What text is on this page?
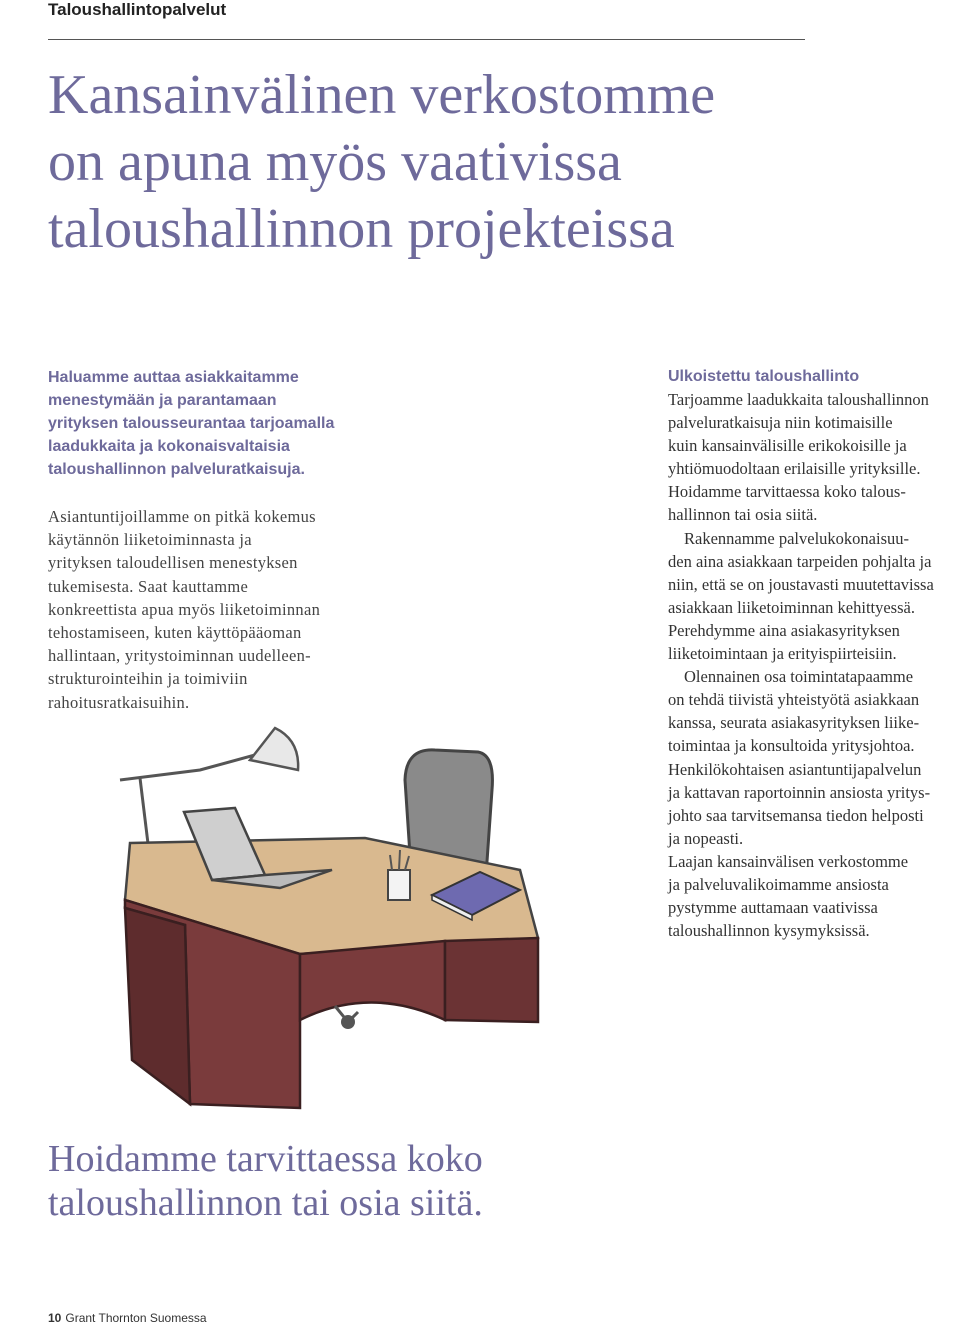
Taloushallintopalvelut

Kansainvälinen verkostomme
on apuna myös vaativissa
taloushallinnon projekteissa

Haluamme auttaa asiakkaitamme
menestymään ja parantamaan
yrityksen talousseurantaa tarjoamalla
laadukkaita ja kokonaisvaltaisia
taloushallinnon palveluratkaisuja.

Asiantuntijoillamme on pitkä kokemus
käytännön liiketoiminnasta ja
yrityksen taloudellisen menestyksen
tukemisesta. Saat kauttamme
konkreettista apua myös liiketoiminnan
tehostamiseen, kuten käyttöpääoman
hallintaan, yritystoiminnan uudelleen-
strukturointeihin ja toimiviin
rahoitusratkaisuihin.

Ulkoistettu taloushallinto

Tarjoamme laadukkaita taloushallinnon
palveluratkaisuja niin kotimaisille
kuin kansainvälisille erikokoisille ja
yhtiömuodoltaan erilaisille yrityksille.
Hoidamme tarvittaessa koko talous-
hallinnon tai osia siitä.

Rakennamme palvelukokonaisuu-
den aina asiakkaan tarpeiden pohjalta ja
niin, että se on joustavasti muutettavissa
asiakkaan liiketoiminnan kehittyessä.
Perehdymme aina asiakasyrityksen
liiketoimintaan ja erityispiirteisiin.

Olennainen osa toimintatapaamme
on tehdä tiivistä yhteistyötä asiakkaan
kanssa, seurata asiakasyrityksen liike-
toimintaa ja konsultoida yritysjohtoa.
Henkilökohtaisen asiantuntijapalvelun
ja kattavan raportoinnin ansiosta yritys-
johto saa tarvitsemansa tiedon helposti
ja nopeasti.
Laajan kansainvälisen verkostomme
ja palveluvalikoimamme ansiosta
pystymme auttamaan vaativissa
taloushallinnon kysymyksissä.

Hoidamme tarvittaessa koko
taloushallinnon tai osia siitä.

10 Grant Thornton Suomessa
